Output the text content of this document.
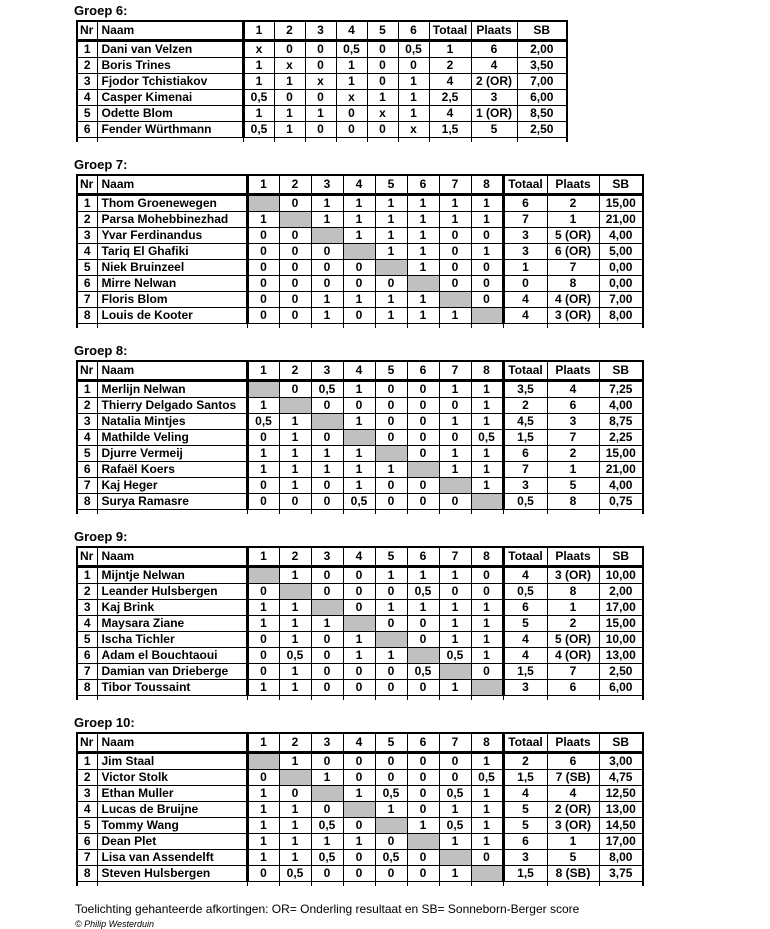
Groep 6:
Nr	Naam	1	2	3	4	5	6	Totaal	Plaats	SB
1	Dani van Velzen	x	0	0	0,5	0	0,5	1	6	2,00
2	Boris Trines	1	x	0	1	0	0	2	4	3,50
3	Fjodor Tchistiakov	1	1	x	1	0	1	4	2 (OR)	7,00
4	Casper Kimenai	0,5	0	0	x	1	1	2,5	3	6,00
5	Odette Blom	1	1	1	0	x	1	4	1 (OR)	8,50
6	Fender Würthmann	0,5	1	0	0	0	x	1,5	5	2,50

Groep 7:
Nr	Naam	1	2	3	4	5	6	7	8	Totaal	Plaats	SB
1	Thom Groenewegen		0	1	1	1	1	1	1	6	2	15,00
2	Parsa Mohebbinezhad	1		1	1	1	1	1	1	7	1	21,00
3	Yvar Ferdinandus	0	0		1	1	1	0	0	3	5 (OR)	4,00
4	Tariq El Ghafiki	0	0	0		1	1	0	1	3	6 (OR)	5,00
5	Niek Bruinzeel	0	0	0	0		1	0	0	1	7	0,00
6	Mirre Nelwan	0	0	0	0	0		0	0	0	8	0,00
7	Floris Blom	0	0	1	1	1	1		0	4	4 (OR)	7,00
8	Louis de Kooter	0	0	1	0	1	1	1		4	3 (OR)	8,00

Groep 8:
Nr	Naam	1	2	3	4	5	6	7	8	Totaal	Plaats	SB
1	Merlijn Nelwan		0	0,5	1	0	0	1	1	3,5	4	7,25
2	Thierry Delgado Santos	1		0	0	0	0	0	1	2	6	4,00
3	Natalia Mintjes	0,5	1		1	0	0	1	1	4,5	3	8,75
4	Mathilde Veling	0	1	0		0	0	0	0,5	1,5	7	2,25
5	Djurre Vermeij	1	1	1	1		0	1	1	6	2	15,00
6	Rafaël Koers	1	1	1	1	1		1	1	7	1	21,00
7	Kaj Heger	0	1	0	1	0	0		1	3	5	4,00
8	Surya Ramasre	0	0	0	0,5	0	0	0		0,5	8	0,75

Groep 9:
Nr	Naam	1	2	3	4	5	6	7	8	Totaal	Plaats	SB
1	Mijntje Nelwan		1	0	0	1	1	1	0	4	3 (OR)	10,00
2	Leander Hulsbergen	0		0	0	0	0,5	0	0	0,5	8	2,00
3	Kaj Brink	1	1		0	1	1	1	1	6	1	17,00
4	Maysara Ziane	1	1	1		0	0	1	1	5	2	15,00
5	Ischa Tichler	0	1	0	1		0	1	1	4	5 (OR)	10,00
6	Adam el Bouchtaoui	0	0,5	0	1	1		0,5	1	4	4 (OR)	13,00
7	Damian van Drieberge	0	1	0	0	0	0,5		0	1,5	7	2,50
8	Tibor Toussaint	1	1	0	0	0	0	1		3	6	6,00

Groep 10:
Nr	Naam	1	2	3	4	5	6	7	8	Totaal	Plaats	SB
1	Jim Staal		1	0	0	0	0	0	1	2	6	3,00
2	Victor Stolk	0		1	0	0	0	0	0,5	1,5	7 (SB)	4,75
3	Ethan Muller	1	0		1	0,5	0	0,5	1	4	4	12,50
4	Lucas de Bruijne	1	1	0		1	0	1	1	5	2 (OR)	13,00
5	Tommy Wang	1	1	0,5	0		1	0,5	1	5	3 (OR)	14,50
6	Dean Plet	1	1	1	1	0		1	1	6	1	17,00
7	Lisa van Assendelft	1	1	0,5	0	0,5	0		0	3	5	8,00
8	Steven Hulsbergen	0	0,5	0	0	0	0	1		1,5	8 (SB)	3,75

Toelichting gehanteerde afkortingen: OR= Onderling resultaat en SB= Sonneborn-Berger score

© Philip Westerduin
